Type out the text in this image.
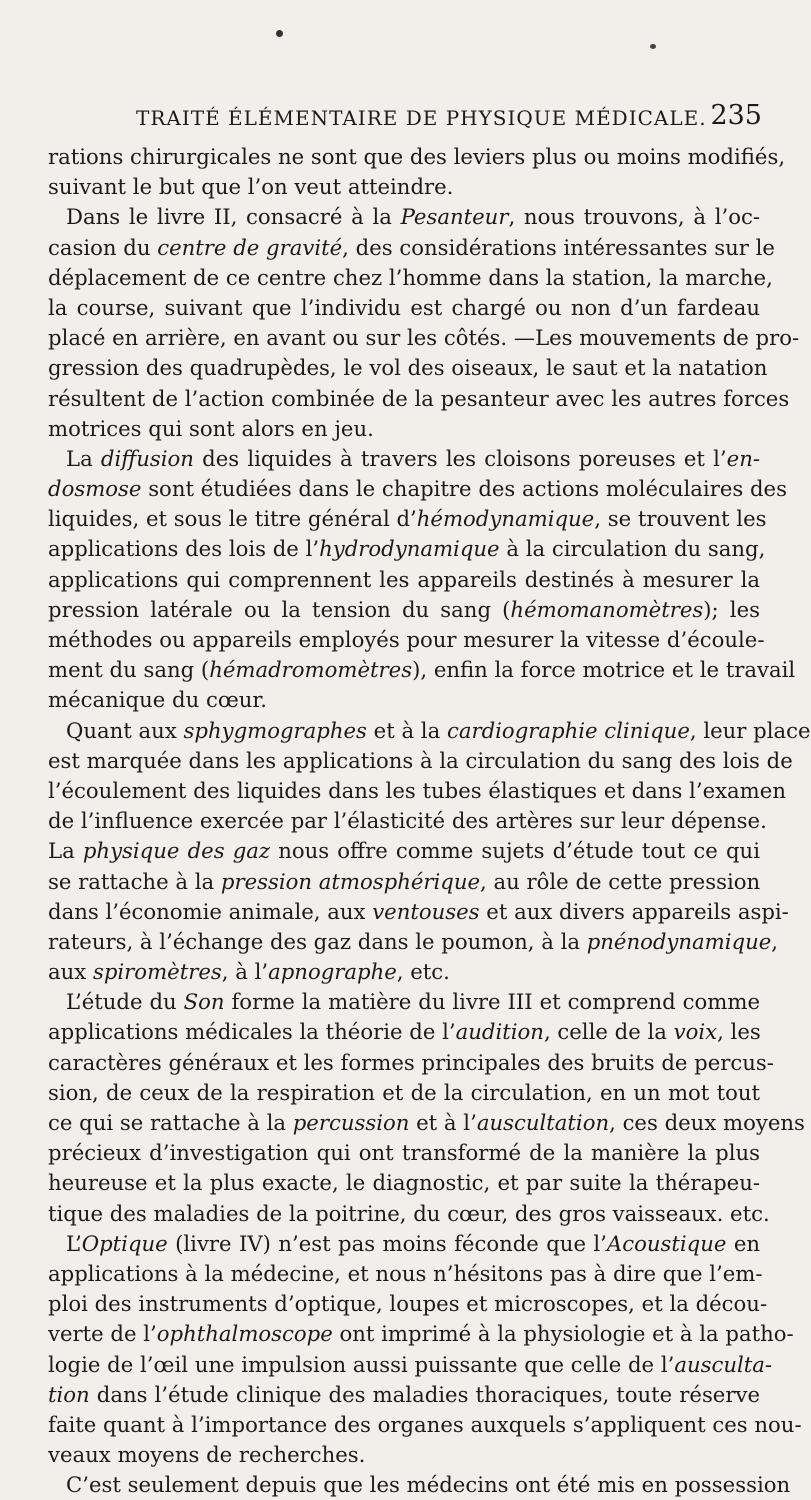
TRAITÉ ÉLÉMENTAIRE DE PHYSIQUE MÉDICALE. 235
rations chirurgicales ne sont que des leviers plus ou moins modifiés,
suivant le but que l’on veut atteindre.
Dans le livre II, consacré à la Pesanteur, nous trouvons, à l’oc-
casion du centre de gravité, des considérations intéressantes sur le
déplacement de ce centre chez l’homme dans la station, la marche,
la course, suivant que l’individu est chargé ou non d’un fardeau
placé en arrière, en avant ou sur les côtés. —Les mouvements de pro-
gression des quadrupèdes, le vol des oiseaux, le saut et la natation
résultent de l’action combinée de la pesanteur avec les autres forces
motrices qui sont alors en jeu.
La diffusion des liquides à travers les cloisons poreuses et l’en-
dosmose sont étudiées dans le chapitre des actions moléculaires des
liquides, et sous le titre général d’hémodynamique, se trouvent les
applications des lois de l’hydrodynamique à la circulation du sang,
applications qui comprennent les appareils destinés à mesurer la
pression latérale ou la tension du sang (hémomanomètres); les
méthodes ou appareils employés pour mesurer la vitesse d’écoule-
ment du sang (hémadromomètres), enfin la force motrice et le travail
mécanique du cœur.
Quant aux sphygmographes et à la cardiographie clinique, leur place
est marquée dans les applications à la circulation du sang des lois de
l’écoulement des liquides dans les tubes élastiques et dans l’examen
de l’influence exercée par l’élasticité des artères sur leur dépense.
La physique des gaz nous offre comme sujets d’étude tout ce qui
se rattache à la pression atmosphérique, au rôle de cette pression
dans l’économie animale, aux ventouses et aux divers appareils aspi-
rateurs, à l’échange des gaz dans le poumon, à la pnénodynamique,
aux spiromètres, à l’apnographe, etc.
L’étude du Son forme la matière du livre III et comprend comme
applications médicales la théorie de l’audition, celle de la voix, les
caractères généraux et les formes principales des bruits de percus-
sion, de ceux de la respiration et de la circulation, en un mot tout
ce qui se rattache à la percussion et à l’auscultation, ces deux moyens
précieux d’investigation qui ont transformé de la manière la plus
heureuse et la plus exacte, le diagnostic, et par suite la thérapeu-
tique des maladies de la poitrine, du cœur, des gros vaisseaux. etc.
L’Optique (livre IV) n’est pas moins féconde que l’Acoustique en
applications à la médecine, et nous n’hésitons pas à dire que l’em-
ploi des instruments d’optique, loupes et microscopes, et la décou-
verte de l’ophthalmoscope ont imprimé à la physiologie et à la patho-
logie de l’œil une impulsion aussi puissante que celle de l’ausculta-
tion dans l’étude clinique des maladies thoraciques, toute réserve
faite quant à l’importance des organes auxquels s’appliquent ces nou-
veaux moyens de recherches.
C’est seulement depuis que les médecins ont été mis en possession
